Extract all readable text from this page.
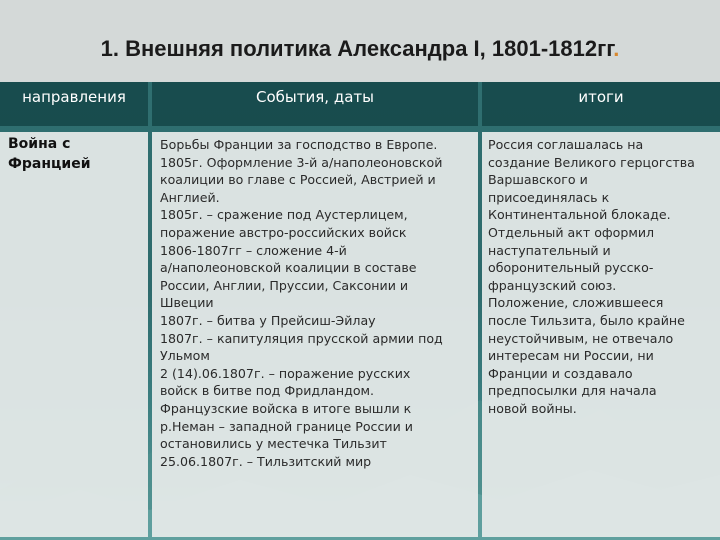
1. Внешняя политика Александра I, 1801-1812гг.
направления	События, даты	итоги
Война с
Францией
Борьбы Франции за господство в Европе.
1805г. Оформление 3-й а/наполеоновской
коалиции во главе с Россией, Австрией и
Англией.
1805г. – сражение под Аустерлицем,
поражение австро-российских войск
1806-1807гг – сложение 4-й
а/наполеоновской коалиции в составе
России, Англии, Пруссии, Саксонии и
Швеции
1807г. – битва у Прейсиш-Эйлау
1807г. – капитуляция прусской армии под
Ульмом
2 (14).06.1807г. – поражение русских
войск в битве под Фридландом.
Французские войска в итоге вышли к
р.Неман – западной границе России и
остановились у местечка Тильзит
25.06.1807г. – Тильзитский мир
Россия соглашалась на
создание Великого герцогства
Варшавского и
присоединялась к
Континентальной блокаде.
Отдельный акт оформил
наступательный и
оборонительный русско-
французский союз.
Положение, сложившееся
после Тильзита, было крайне
неустойчивым, не отвечало
интересам ни России, ни
Франции и создавало
предпосылки для начала
новой войны.
